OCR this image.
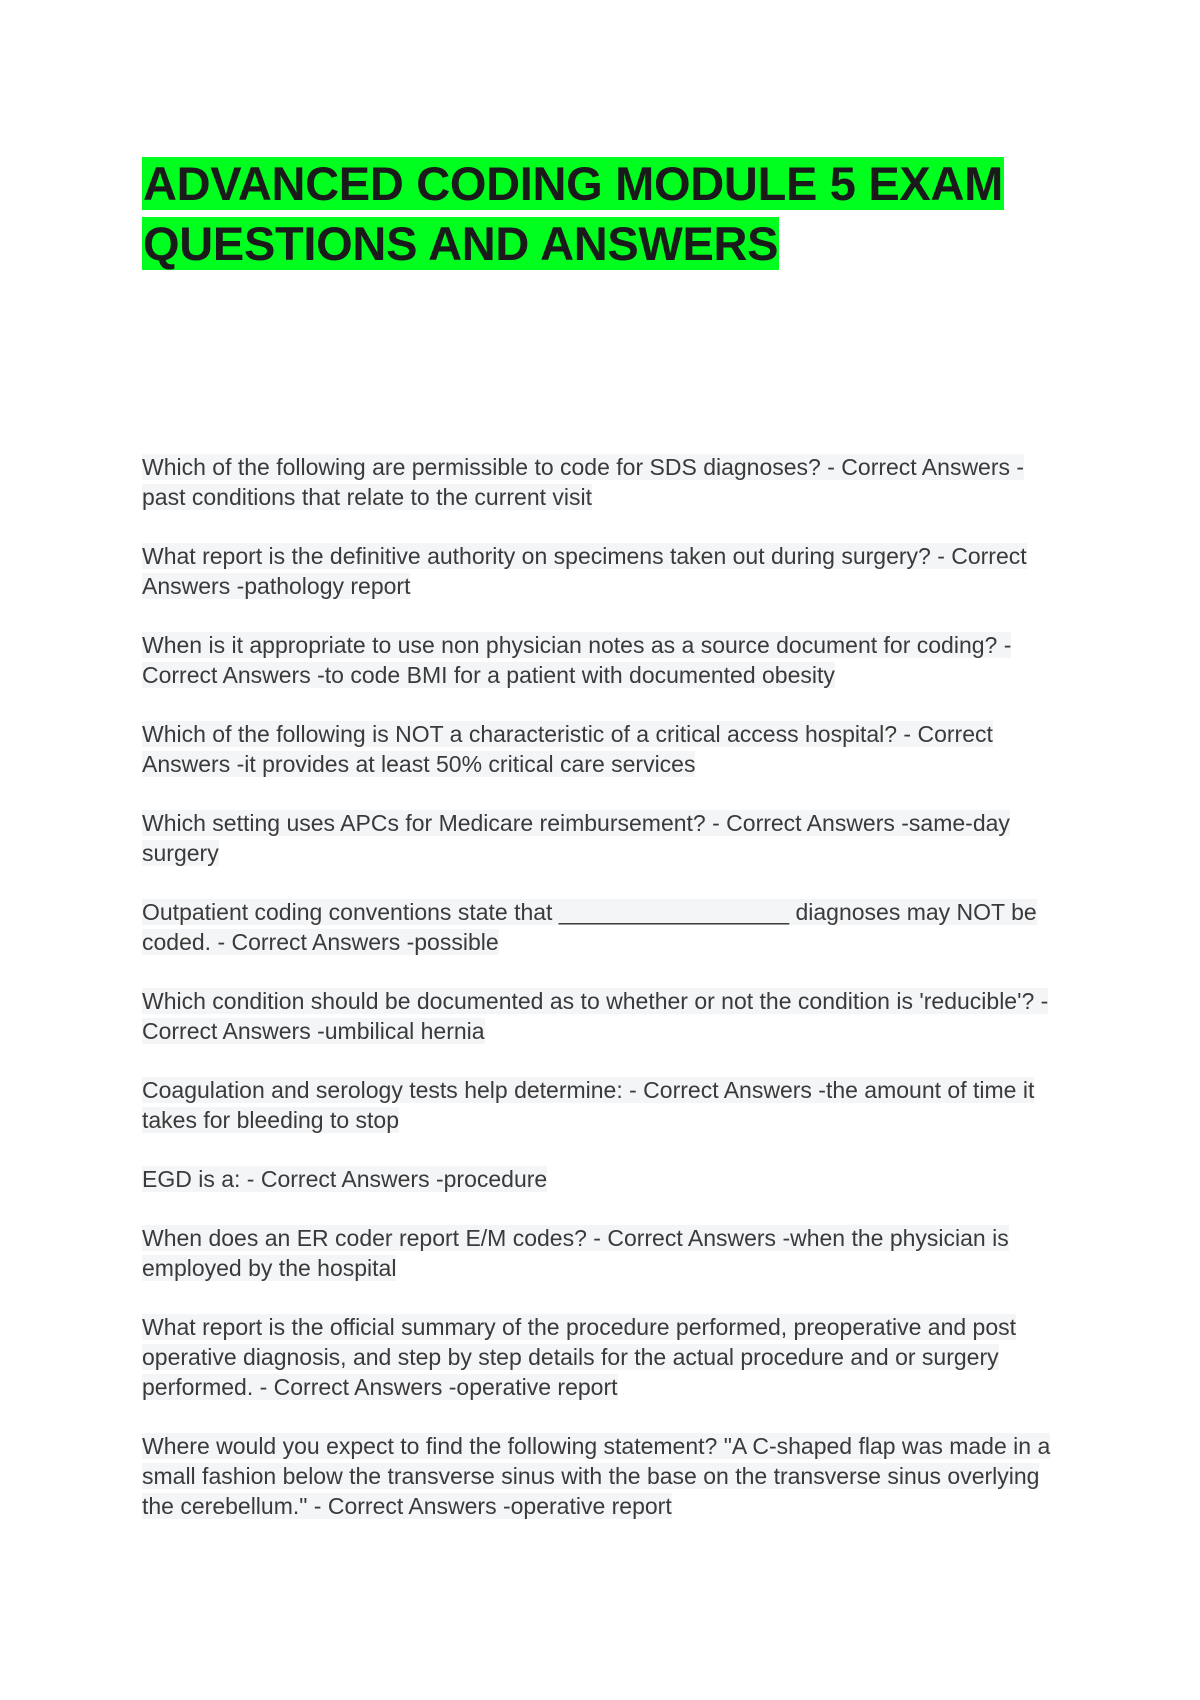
ADVANCED CODING MODULE 5 EXAM
QUESTIONS AND ANSWERS
Which of the following are permissible to code for SDS diagnoses? - Correct Answers - past conditions that relate to the current visit
What report is the definitive authority on specimens taken out during surgery? - Correct Answers -pathology report
When is it appropriate to use non physician notes as a source document for coding? - Correct Answers -to code BMI for a patient with documented obesity
Which of the following is NOT a characteristic of a critical access hospital? - Correct Answers -it provides at least 50% critical care services
Which setting uses APCs for Medicare reimbursement? - Correct Answers -same-day surgery
Outpatient coding conventions state that __________________ diagnoses may NOT be coded. - Correct Answers -possible
Which condition should be documented as to whether or not the condition is 'reducible'? - Correct Answers -umbilical hernia
Coagulation and serology tests help determine: - Correct Answers -the amount of time it takes for bleeding to stop
EGD is a: - Correct Answers -procedure
When does an ER coder report E/M codes? - Correct Answers -when the physician is employed by the hospital
What report is the official summary of the procedure performed, preoperative and post operative diagnosis, and step by step details for the actual procedure and or surgery performed. - Correct Answers -operative report
Where would you expect to find the following statement? "A C-shaped flap was made in a small fashion below the transverse sinus with the base on the transverse sinus overlying the cerebellum." - Correct Answers -operative report
